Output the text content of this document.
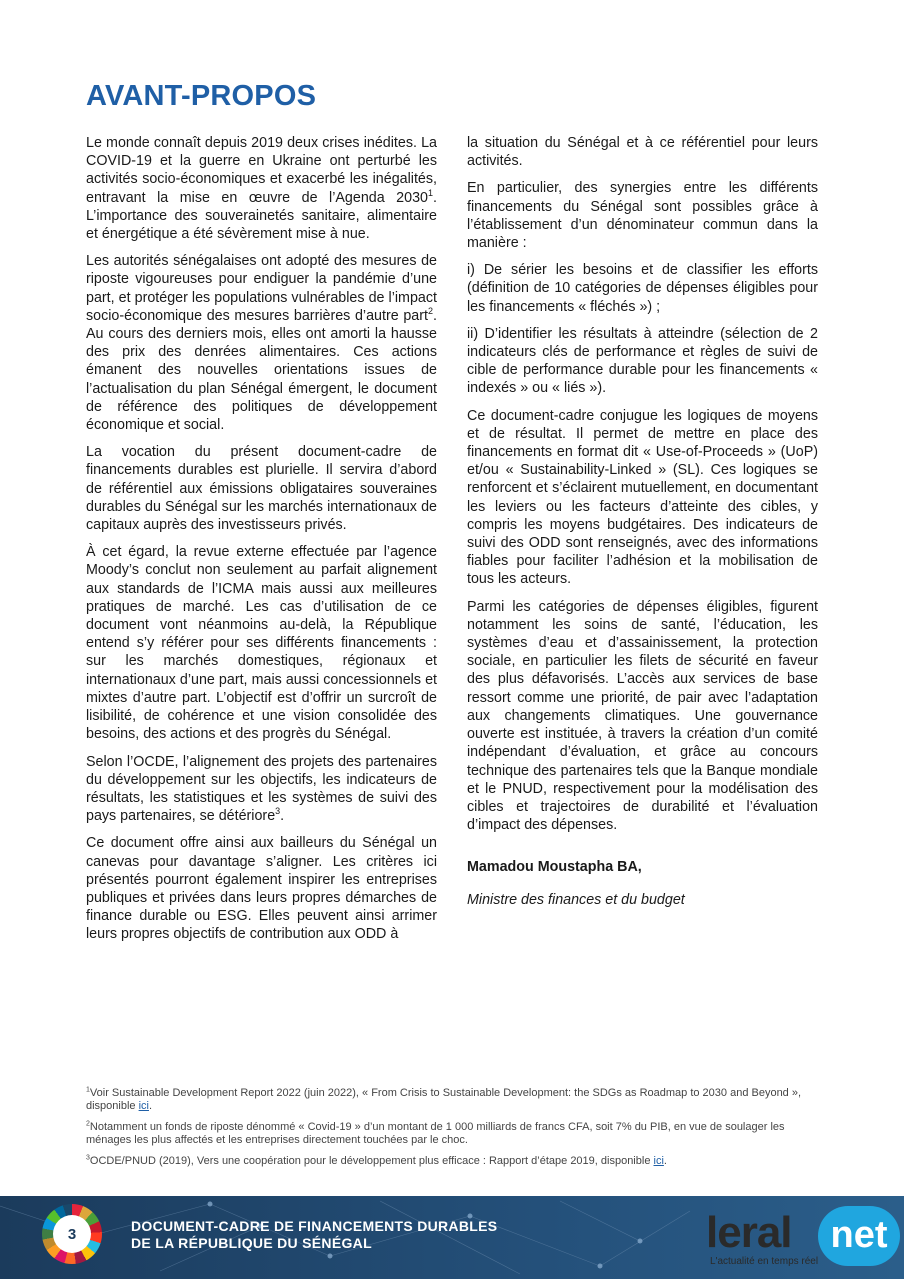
AVANT-PROPOS

Le monde connaît depuis 2019 deux crises inédites. La COVID-19 et la guerre en Ukraine ont perturbé les activités socio-économiques et exacerbé les inégalités, entravant la mise en œuvre de l’Agenda 2030$^1$. L’importance des souverainetés sanitaire, alimentaire et énergétique a été sévèrement mise à nue.

Les autorités sénégalaises ont adopté des mesures de riposte vigoureuses pour endiguer la pandémie d’une part, et protéger les populations vulnérables de l’impact socio-économique des mesures barrières d’autre part$^2$. Au cours des derniers mois, elles ont amorti la hausse des prix des denrées alimentaires. Ces actions émanent des nouvelles orientations issues de l’actualisation du plan Sénégal émergent, le document de référence des politiques de développement économique et social.

La vocation du présent document-cadre de financements durables est plurielle. Il servira d’abord de référentiel aux émissions obligataires souveraines durables du Sénégal sur les marchés internationaux de capitaux auprès des investisseurs privés.

À cet égard, la revue externe effectuée par l’agence Moody’s conclut non seulement au parfait alignement aux standards de l’ICMA mais aussi aux meilleures pratiques de marché. Les cas d’utilisation de ce document vont néanmoins au-delà, la République entend s’y référer pour ses différents financements : sur les marchés domestiques, régionaux et internationaux d’une part, mais aussi concessionnels et mixtes d’autre part. L’objectif est d’offrir un surcroît de lisibilité, de cohérence et une vision consolidée des besoins, des actions et des progrès du Sénégal.

Selon l’OCDE, l’alignement des projets des partenaires du développement sur les objectifs, les indicateurs de résultats, les statistiques et les systèmes de suivi des pays partenaires, se détériore$^3$.

Ce document offre ainsi aux bailleurs du Sénégal un canevas pour davantage s’aligner. Les critères ici présentés pourront également inspirer les entreprises publiques et privées dans leurs propres démarches de finance durable ou ESG. Elles peuvent ainsi arrimer leurs propres objectifs de contribution aux ODD à

la situation du Sénégal et à ce référentiel pour leurs activités.

En particulier, des synergies entre les différents financements du Sénégal sont possibles grâce à l’établissement d’un dénominateur commun dans la manière :

i) De sérier les besoins et de classifier les efforts (définition de 10 catégories de dépenses éligibles pour les financements « fléchés ») ;

ii) D’identifier les résultats à atteindre (sélection de 2 indicateurs clés de performance et règles de suivi de cible de performance durable pour les financements « indexés » ou « liés »).

Ce document-cadre conjugue les logiques de moyens et de résultat. Il permet de mettre en place des financements en format dit « Use-of-Proceeds » (UoP) et/ou « Sustainability-Linked » (SL). Ces logiques se renforcent et s’éclairent mutuellement, en documentant les leviers ou les facteurs d’atteinte des cibles, y compris les moyens budgétaires. Des indicateurs de suivi des ODD sont renseignés, avec des informations fiables pour faciliter l’adhésion et la mobilisation de tous les acteurs.

Parmi les catégories de dépenses éligibles, figurent notamment les soins de santé, l’éducation, les systèmes d’eau et d’assainissement, la protection sociale, en particulier les filets de sécurité en faveur des plus défavorisés. L’accès aux services de base ressort comme une priorité, de pair avec l’adaptation aux changements climatiques. Une gouvernance ouverte est instituée, à travers la création d’un comité indépendant d’évaluation, et grâce au concours technique des partenaires tels que la Banque mondiale et le PNUD, respectivement pour la modélisation des cibles et trajectoires de durabilité et l’évaluation d’impact des dépenses.

Mamadou Moustapha BA,

Ministre des finances et du budget

$^1$Voir Sustainable Development Report 2022 (juin 2022), « From Crisis to Sustainable Development: the SDGs as Roadmap to 2030 and Beyond », disponible ici.

$^2$Notamment un fonds de riposte dénommé « Covid-19 » d’un montant de 1 000 milliards de francs CFA, soit 7% du PIB, en vue de soulager les ménages les plus affectés et les entreprises directement touchées par le choc.

$^3$OCDE/PNUD (2019), Vers une coopération pour le développement plus efficace : Rapport d’étape 2019, disponible ici.

3	DOCUMENT-CADRE DE FINANCEMENTS DURABLES
DE LA RÉPUBLIQUE DU SÉNÉGAL	leral	net
L'actualité en temps réel
